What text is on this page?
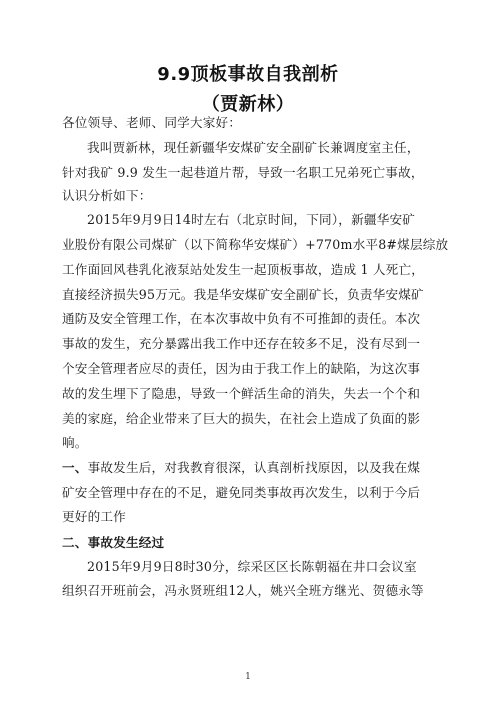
9.9顶板事故自我剖析
（贾新林）
各位领导、老师、同学大家好：
我叫贾新林，现任新疆华安煤矿安全副矿长兼调度室主任，
针对我矿 9.9 发生一起巷道片帮，导致一名职工兄弟死亡事故，
认识分析如下：
2015年9月9日14时左右（北京时间，下同），新疆华安矿
业股份有限公司煤矿（以下简称华安煤矿）+770m水平8#煤层综放
工作面回风巷乳化液泵站处发生一起顶板事故，造成 1 人死亡，
直接经济损失95万元。我是华安煤矿安全副矿长，负责华安煤矿
通防及安全管理工作，在本次事故中负有不可推卸的责任。本次
事故的发生，充分暴露出我工作中还存在较多不足，没有尽到一
个安全管理者应尽的责任，因为由于我工作上的缺陷，为这次事
故的发生埋下了隐患，导致一个鲜活生命的消失，失去一个个和
美的家庭，给企业带来了巨大的损失，在社会上造成了负面的影
响。
一、事故发生后，对我教育很深，认真剖析找原因，以及我在煤
矿安全管理中存在的不足，避免同类事故再次发生，以利于今后
更好的工作
二、事故发生经过
2015年9月9日8时30分，综采区区长陈朝福在井口会议室
组织召开班前会，冯永贤班组12人，姚兴全班方继光、贺德永等
1
